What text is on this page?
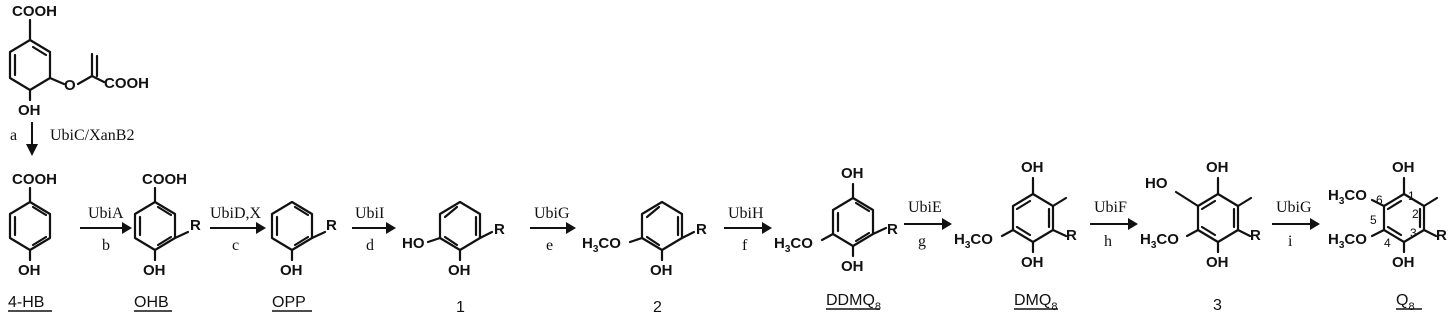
COOH
O COOH
OH
a UbiC/XanB2
COOH
OH
4-HB
UbiA
b
COOH
R
OH
OHB
UbiD,X
c
R
OH
OPP
UbiI
d HO
R
OH
1
UbiG
e $H_3CO$
R
OH
2
UbiH
f
OH
$H_3CO$
R
OH
$DDMQ_8$
UbiE
g
OH
$H_3CO$	R
OH
$DMQ_8$
UbiF
h
HO
OH
$H_3CO$	R
OH
3
UbiG
i
OH
$H_3CO$
$H_3CO$	R
OH
1
2
3
4
5
6
$Q_8$
